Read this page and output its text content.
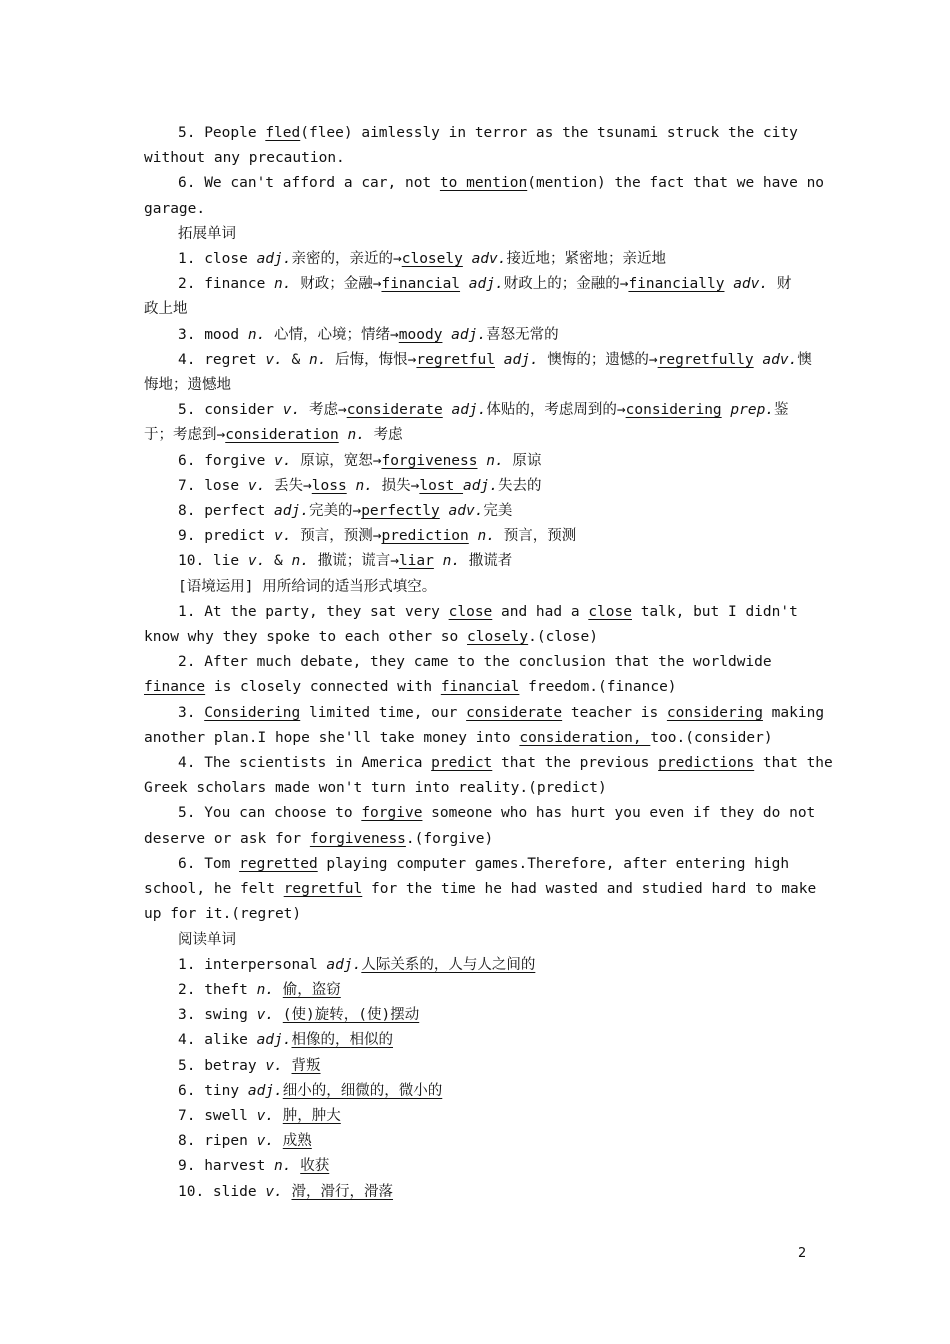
5. People fled(flee) aimlessly in terror as the tsunami struck the city
without any precaution.
6. We can't afford a car, not to mention(mention) the fact that we have no
garage.
拓展单词
1. close adj.亲密的，亲近的→closely adv.接近地；紧密地；亲近地
2. finance n. 财政；金融→financial adj.财政上的；金融的→financially adv. 财
政上地
3. mood n. 心情，心境；情绪→moody adj.喜怒无常的
4. regret v. & n. 后悔，悔恨→regretful adj. 懊悔的；遗憾的→regretfully adv.懊
悔地；遗憾地
5. consider v. 考虑→considerate adj.体贴的，考虑周到的→considering prep.鉴
于；考虑到→consideration n. 考虑
6. forgive v. 原谅，宽恕→forgiveness n. 原谅
7. lose v. 丢失→loss n. 损失→lost adj.失去的
8. perfect adj.完美的→perfectly adv.完美
9. predict v. 预言，预测→prediction n. 预言，预测
10. lie v. & n. 撒谎；谎言→liar n. 撒谎者
[语境运用] 用所给词的适当形式填空。
1. At the party, they sat very close and had a close talk, but I didn't
know why they spoke to each other so closely.(close)
2. After much debate, they came to the conclusion that the worldwide
finance is closely connected with financial freedom.(finance)
3. Considering limited time, our considerate teacher is considering making
another plan.I hope she'll take money into consideration, too.(consider)
4. The scientists in America predict that the previous predictions that the
Greek scholars made won't turn into reality.(predict)
5. You can choose to forgive someone who has hurt you even if they do not
deserve or ask for forgiveness.(forgive)
6. Tom regretted playing computer games.Therefore, after entering high
school, he felt regretful for the time he had wasted and studied hard to make
up for it.(regret)
阅读单词
1. interpersonal adj.人际关系的，人与人之间的
2. theft n. 偷，盗窃
3. swing v. (使)旋转，(使)摆动
4. alike adj.相像的，相似的
5. betray v. 背叛
6. tiny adj.细小的，细微的，微小的
7. swell v. 肿，肿大
8. ripen v. 成熟
9. harvest n. 收获
10. slide v. 滑，滑行，滑落
2
